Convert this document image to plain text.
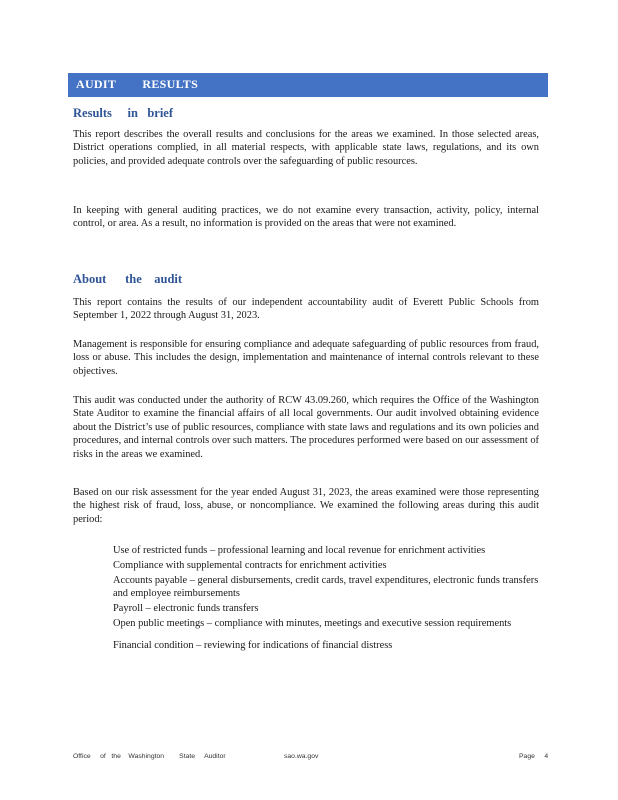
AUDIT        RESULTS
Results     in   brief

This report describes the overall results and conclusions for the areas we examined. In those selected areas, District operations complied, in all material respects, with applicable state laws, regulations, and its own policies, and provided adequate controls over the safeguarding of public resources.

In keeping with general auditing practices, we do not examine every transaction, activity, policy, internal control, or area. As a result, no information is provided on the areas that were not examined.

About      the    audit

This report contains the results of our independent accountability audit of Everett Public Schools from September 1, 2022 through August 31, 2023.

Management is responsible for ensuring compliance and adequate safeguarding of public resources from fraud, loss or abuse. This includes the design, implementation and maintenance of internal controls relevant to these objectives.

This audit was conducted under the authority of RCW 43.09.260, which requires the Office of the Washington State Auditor to examine the financial affairs of all local governments. Our audit involved obtaining evidence about the District’s use of public resources, compliance with state laws and regulations and its own policies and procedures, and internal controls over such matters. The procedures performed were based on our assessment of risks in the areas we examined.

Based on our risk assessment for the year ended August 31, 2023, the areas examined were those representing the highest risk of fraud, loss, abuse, or noncompliance. We examined the following areas during this audit period:

Use of restricted funds – professional learning and local revenue for enrichment activities
Compliance with supplemental contracts for enrichment activities
Accounts payable – general disbursements, credit cards, travel expenditures, electronic funds transfers and employee reimbursements
Payroll – electronic funds transfers
Open public meetings – compliance with minutes, meetings and executive session requirements
Financial condition – reviewing for indications of financial distress
Office     of   the    Washington        State     Auditor	sao.wa.gov	Page     4
